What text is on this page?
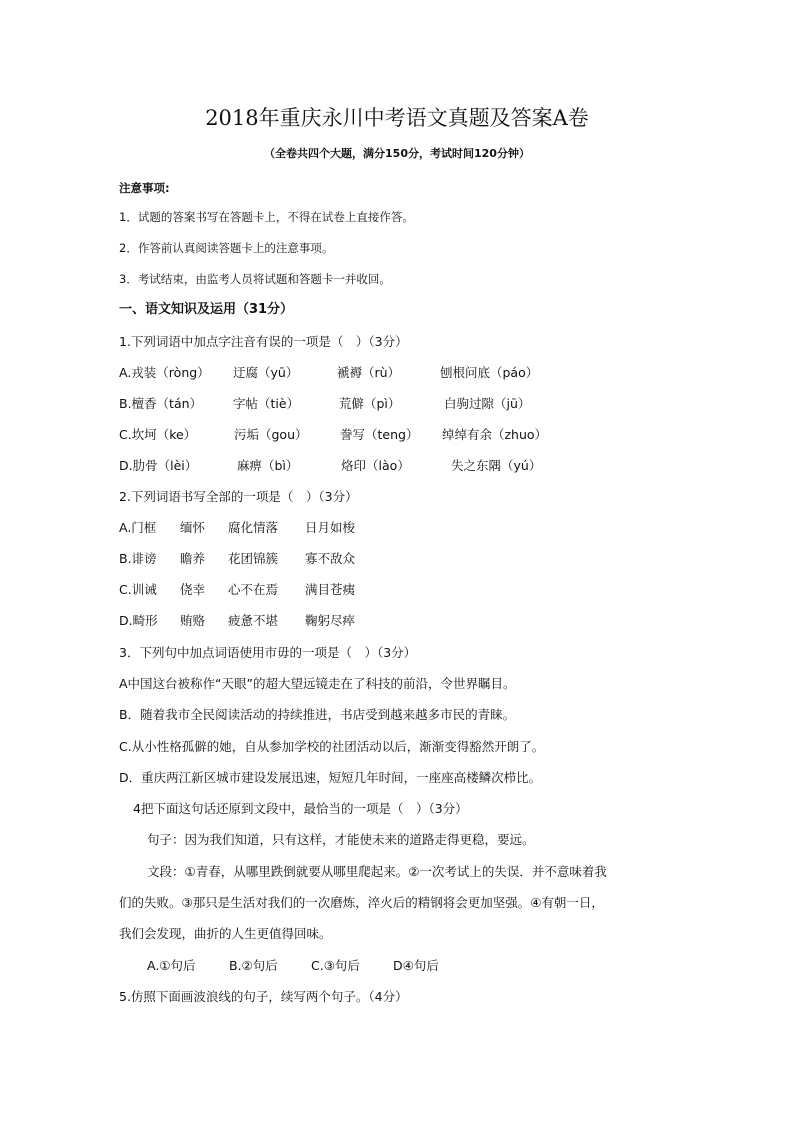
2018年重庆永川中考语文真题及答案A卷

（全卷共四个大题，满分150分，考试时间120分钟）

注意事项:
1．试题的答案书写在答题卡上，不得在试卷上直接作答。
2．作答前认真阅读答题卡上的注意事项。
3．考试结束，由监考人员将试题和答题卡一并收回。
一、语文知识及运用（31分）
1.下列词语中加点字注音有误的一项是（　）（3分）
A.戎装（ròng） 迂腐（yū）	褫褥（rù）	刨根问底（páo）
B.檀香（tán） 字帖（tiè）	荒僻（pì）	白驹过隙（jū）
C.坎坷（ke）	污垢（gou）	誊写（teng） 绰绰有余（zhuo）
D.肋骨（lèi）	麻痹（bì）	烙印（lào）	失之东隅（yú）
2.下列词语书写全部的一项是（　）（3分）
A.门框 缅怀 腐化情落 日月如梭
B.诽谤 瞻养 花团锦簇 寡不敌众
C.训诫 侥幸 心不在焉 满目苍痍
D.畸形 贿赂 疲惫不堪 鞠躬尽瘁
3．下列句中加点词语使用市毋的一项是（　）（3分）
A中国这台被称作“天眼”的超大望远镜走在了科技的前沿，令世界瞩目。
B．随着我市全民阅读活动的持续推进，书店受到越来越多市民的青睐。
C.从小性格孤僻的她，自从参加学校的社团活动以后，渐渐变得豁然开朗了。
D．重庆两江新区城市建设发展迅速，短短几年时间，一座座高楼鳞次栉比。
4把下面这句话还原到文段中，最恰当的一项是（　）（3分）
句子：因为我们知道，只有这样，才能使未来的道路走得更稳，要远。
文段：①青春，从哪里跌倒就要从哪里爬起来。②一次考试上的失误．并不意味着我
们的失败。③那只是生活对我们的一次磨炼，淬火后的精钢将会更加坚强。④有朝一日，
我们会发现，曲折的人生更值得回味。
A.①句后	B.②句后	C.③句后	D④句后
5.仿照下面画波浪线的句子，续写两个句子。（4分）
